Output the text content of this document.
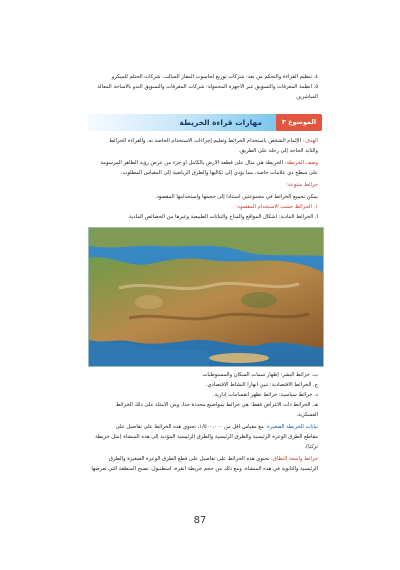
٤. تنظيم القراءة والتحكم من بعد: شركات توزيع لحاسوب المفاز السالب. شركات الحتلم للميكرو
٥. أنظمة المعرفات والتسويق عبر الأجهزة المحمولة: شركات المعرفات والتسويق البدو بالأساحة المعالة
المباشرين
الموضوع ٣
مهارات قراءة الخريطة
الهدف: الإلمام الشخص باستخدام الخرائط وتعليم إجراءات الاستخدام الخاصة به، والقراءة الخرائط
والثابة الحاجة إلى رحلة على الطريق.
وصف الخريطة: الخريطة هي مثال على قطعة الأرض بالكامل أو جزء من عرض رؤية الظاهر المرسومة
على سطح ذي علامات خاصة، مما يؤدي إلى تكاليها والطرق الرياضية إلى المقياس المطلوب.
خرائط متنوعة:
يمكن تجميع الخرائط في مجموعتين استناداً إلى حجمها واستخدامها المقصود.
١. الخرائط حسب الاستخدام المقصود:
أ. الخرائط المادية: أشكال المواقع والمناخ والنباتات الطبيعية وغيرها من الخصائص المادية.
ب. خرائط البشر: إظهار سمات السكان والمستوطنات
ج. الخرائط الاقتصادية: تبين أنهارا النشاط الاقتصادي.
د. خرائط سياسية: خرائط تظهر انقسامات إدارية.
هـ. الخرائط ذات الأغراض فقط: هي خرائط بمواضيع محددة جداً، ومن الأمثلة على ذلك الخرائط
العسكرية.
بيانات الخريطة الصغيرة: مع مقياس أقل من ١/٥٠٠،٠٠٠، تحتوي هذه الخرائط على تفاصيل على
مقاطع الطرق الوعرة الرئيسية والطرق الرئيسية والطرق الرئيسية المؤدية إلى هذه المنشأة (مثل خريطة
تركيا).
خرائط واسعة النطاق: تحتوي هذه الخرائط على تفاصيل على قطع الطرق الوعرة الصغيرة والطرق
الرئيسية والثانوية في هذه المنشأة. ومع ذلك من حجم خريطة أنقرة، اسطنبول، تصبح المنطقة التي تعرضها
87
